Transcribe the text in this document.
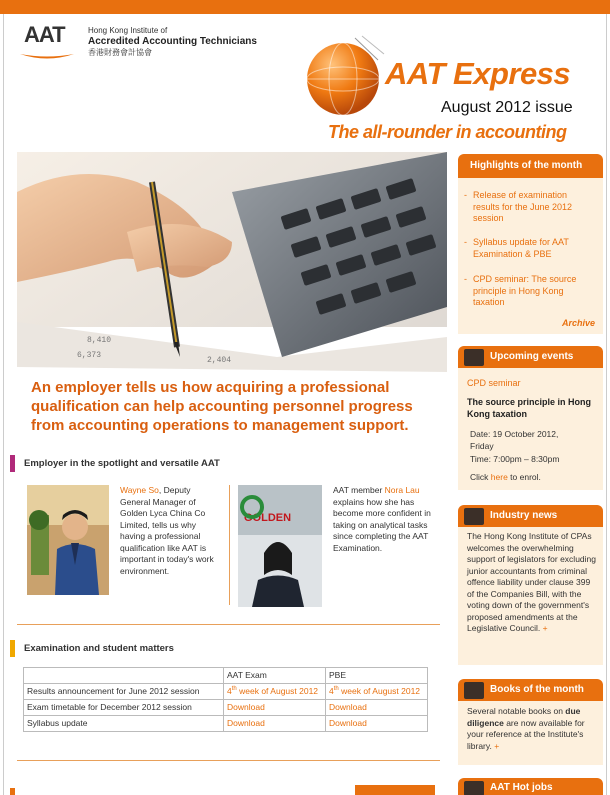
AAT	Hong Kong Institute of
Accredited Accounting Technicians
香港財務會計協會
AAT Express
August 2012 issue
The all-rounder in accounting
6,373
2,404
8,410
An employer tells us how acquiring a professional qualification can help accounting personnel progress from accounting operations to management support.
Employer in the spotlight and versatile AAT
Wayne So, Deputy General Manager of Golden Lyca China Co Limited, tells us why having a professional qualification like AAT is important in today's work environment.
GOLDEN
AAT member Nora Lau explains how she has become more confident in taking on analytical tasks since completing the AAT Examination.
Examination and student matters
	AAT Exam	PBE
Results announcement for June 2012 session	4th week of August 2012	4th week of August 2012
Exam timetable for December 2012 session	Download	Download
Syllabus update	Download	Download
Highlights of the month
- Release of examination results for the June 2012 session
- Syllabus update for AAT Examination & PBE
- CPD seminar: The source principle in Hong Kong taxation
Archive
Upcoming events
CPD seminar
The source principle in Hong Kong taxation
Date: 19 October 2012, Friday
Time: 7:00pm – 8:30pm
Click here to enrol.
Industry news
The Hong Kong Institute of CPAs welcomes the overwhelming support of legislators for excluding junior accountants from criminal offence liability under clause 399 of the Companies Bill, with the voting down of the government's proposed amendments at the Legislative Council. +
Books of the month
Several notable books on due diligence are now available for your reference at the Institute's library. +
AAT Hot jobs
